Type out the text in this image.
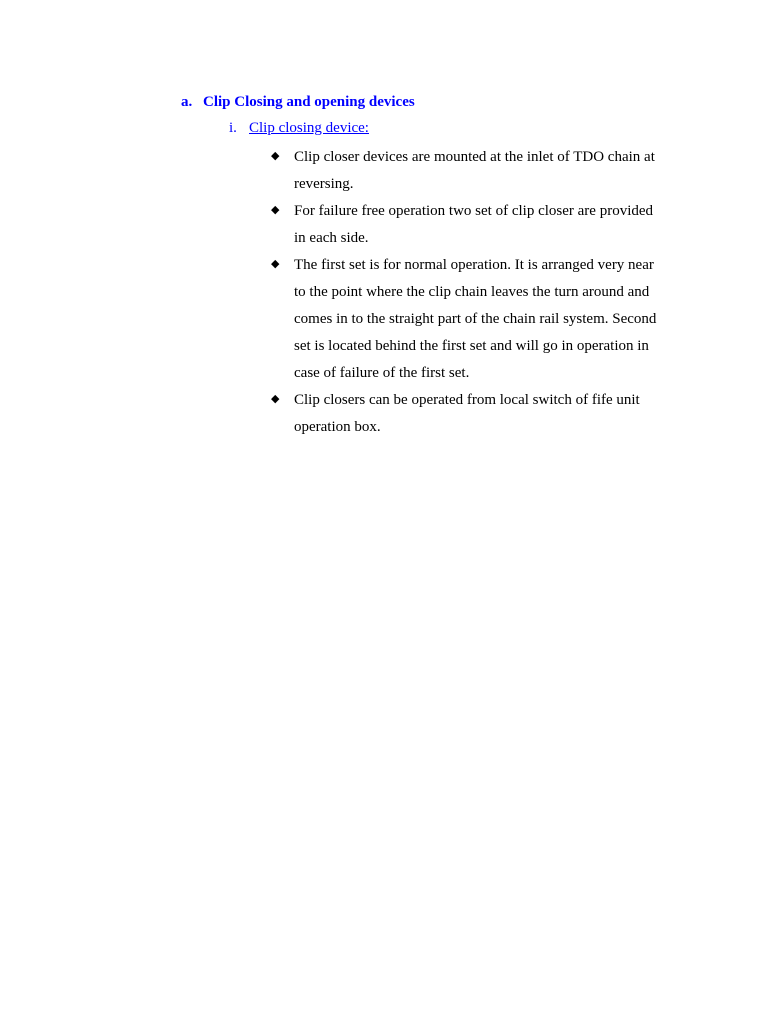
a. Clip Closing and opening devices
i. Clip closing device:
◆ Clip closer devices are mounted at the inlet of TDO chain at reversing.
◆ For failure free operation two set of clip closer are provided in each side.
◆ The first set is for normal operation. It is arranged very near to the point where the clip chain leaves the turn around and comes in to the straight part of the chain rail system. Second set is located behind the first set and will go in operation in case of failure of the first set.
◆ Clip closers can be operated from local switch of fife unit operation box.
